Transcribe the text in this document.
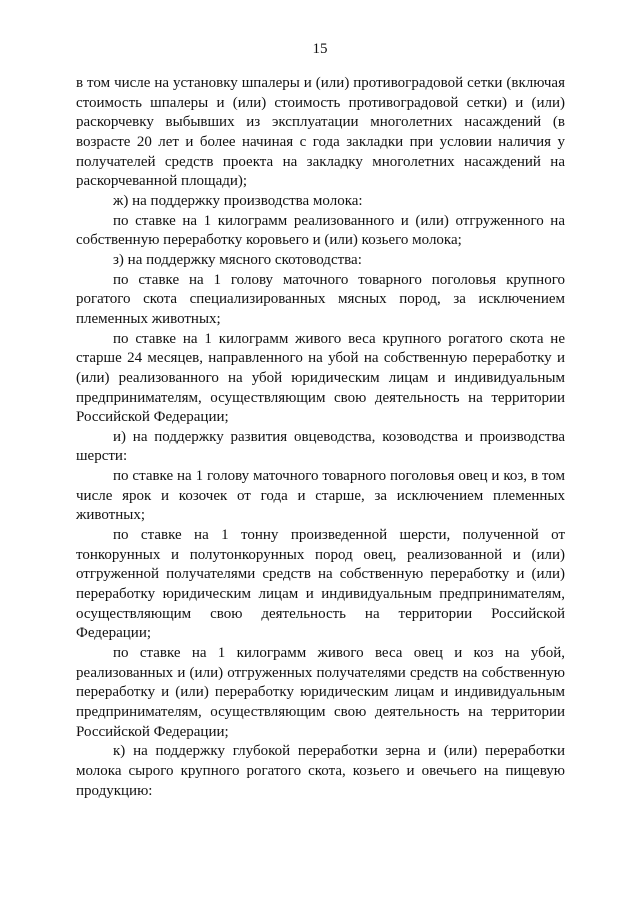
15

в том числе на установку шпалеры и (или) противоградовой сетки (включая стоимость шпалеры и (или) стоимость противоградовой сетки) и (или) раскорчевку выбывших из эксплуатации многолетних насаждений (в возрасте 20 лет и более начиная с года закладки при условии наличия у получателей средств проекта на закладку многолетних насаждений на раскорчеванной площади);

ж) на поддержку производства молока:

по ставке на 1 килограмм реализованного и (или) отгруженного на собственную переработку коровьего и (или) козьего молока;

з) на поддержку мясного скотоводства:

по ставке на 1 голову маточного товарного поголовья крупного рогатого скота специализированных мясных пород, за исключением племенных животных;

по ставке на 1 килограмм живого веса крупного рогатого скота не старше 24 месяцев, направленного на убой на собственную переработку и (или) реализованного на убой юридическим лицам и индивидуальным предпринимателям, осуществляющим свою деятельность на территории Российской Федерации;

и) на поддержку развития овцеводства, козоводства и производства шерсти:

по ставке на 1 голову маточного товарного поголовья овец и коз, в том числе ярок и козочек от года и старше, за исключением племенных животных;

по ставке на 1 тонну произведенной шерсти, полученной от тонкорунных и полутонкорунных пород овец, реализованной и (или) отгруженной получателями средств на собственную переработку и (или) переработку юридическим лицам и индивидуальным предпринимателям, осуществляющим свою деятельность на территории Российской Федерации;

по ставке на 1 килограмм живого веса овец и коз на убой, реализованных и (или) отгруженных получателями средств на собственную переработку и (или) переработку юридическим лицам и индивидуальным предпринимателям, осуществляющим свою деятельность на территории Российской Федерации;

к) на поддержку глубокой переработки зерна и (или) переработки молока сырого крупного рогатого скота, козьего и овечьего на пищевую продукцию:
